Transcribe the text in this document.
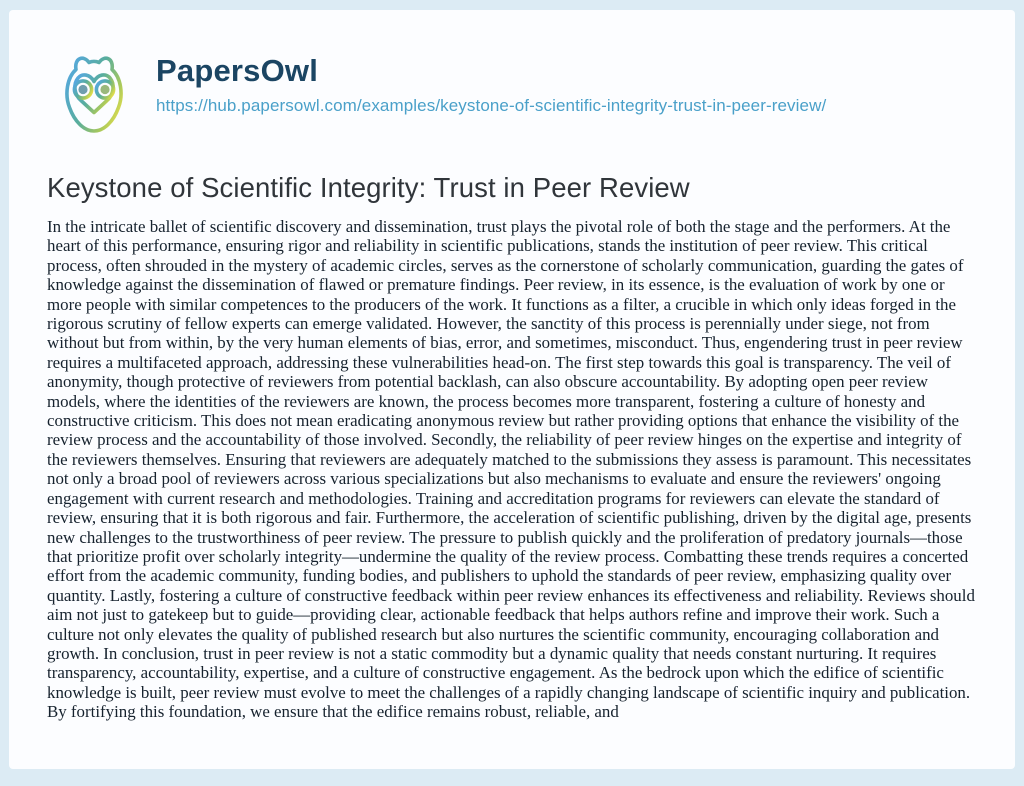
PapersOwl
https://hub.papersowl.com/examples/keystone-of-scientific-integrity-trust-in-peer-review/
Keystone of Scientific Integrity: Trust in Peer Review

In the intricate ballet of scientific discovery and dissemination, trust plays the pivotal role of both the stage and the performers. At the heart of this performance, ensuring rigor and reliability in scientific publications, stands the institution of peer review. This critical process, often shrouded in the mystery of academic circles, serves as the cornerstone of scholarly communication, guarding the gates of knowledge against the dissemination of flawed or premature findings. Peer review, in its essence, is the evaluation of work by one or more people with similar competences to the producers of the work. It functions as a filter, a crucible in which only ideas forged in the rigorous scrutiny of fellow experts can emerge validated. However, the sanctity of this process is perennially under siege, not from without but from within, by the very human elements of bias, error, and sometimes, misconduct. Thus, engendering trust in peer review requires a multifaceted approach, addressing these vulnerabilities head-on. The first step towards this goal is transparency. The veil of anonymity, though protective of reviewers from potential backlash, can also obscure accountability. By adopting open peer review models, where the identities of the reviewers are known, the process becomes more transparent, fostering a culture of honesty and constructive criticism. This does not mean eradicating anonymous review but rather providing options that enhance the visibility of the review process and the accountability of those involved. Secondly, the reliability of peer review hinges on the expertise and integrity of the reviewers themselves. Ensuring that reviewers are adequately matched to the submissions they assess is paramount. This necessitates not only a broad pool of reviewers across various specializations but also mechanisms to evaluate and ensure the reviewers' ongoing engagement with current research and methodologies. Training and accreditation programs for reviewers can elevate the standard of review, ensuring that it is both rigorous and fair. Furthermore, the acceleration of scientific publishing, driven by the digital age, presents new challenges to the trustworthiness of peer review. The pressure to publish quickly and the proliferation of predatory journals—those that prioritize profit over scholarly integrity—undermine the quality of the review process. Combatting these trends requires a concerted effort from the academic community, funding bodies, and publishers to uphold the standards of peer review, emphasizing quality over quantity. Lastly, fostering a culture of constructive feedback within peer review enhances its effectiveness and reliability. Reviews should aim not just to gatekeep but to guide—providing clear, actionable feedback that helps authors refine and improve their work. Such a culture not only elevates the quality of published research but also nurtures the scientific community, encouraging collaboration and growth. In conclusion, trust in peer review is not a static commodity but a dynamic quality that needs constant nurturing. It requires transparency, accountability, expertise, and a culture of constructive engagement. As the bedrock upon which the edifice of scientific knowledge is built, peer review must evolve to meet the challenges of a rapidly changing landscape of scientific inquiry and publication. By fortifying this foundation, we ensure that the edifice remains robust, reliable, and
